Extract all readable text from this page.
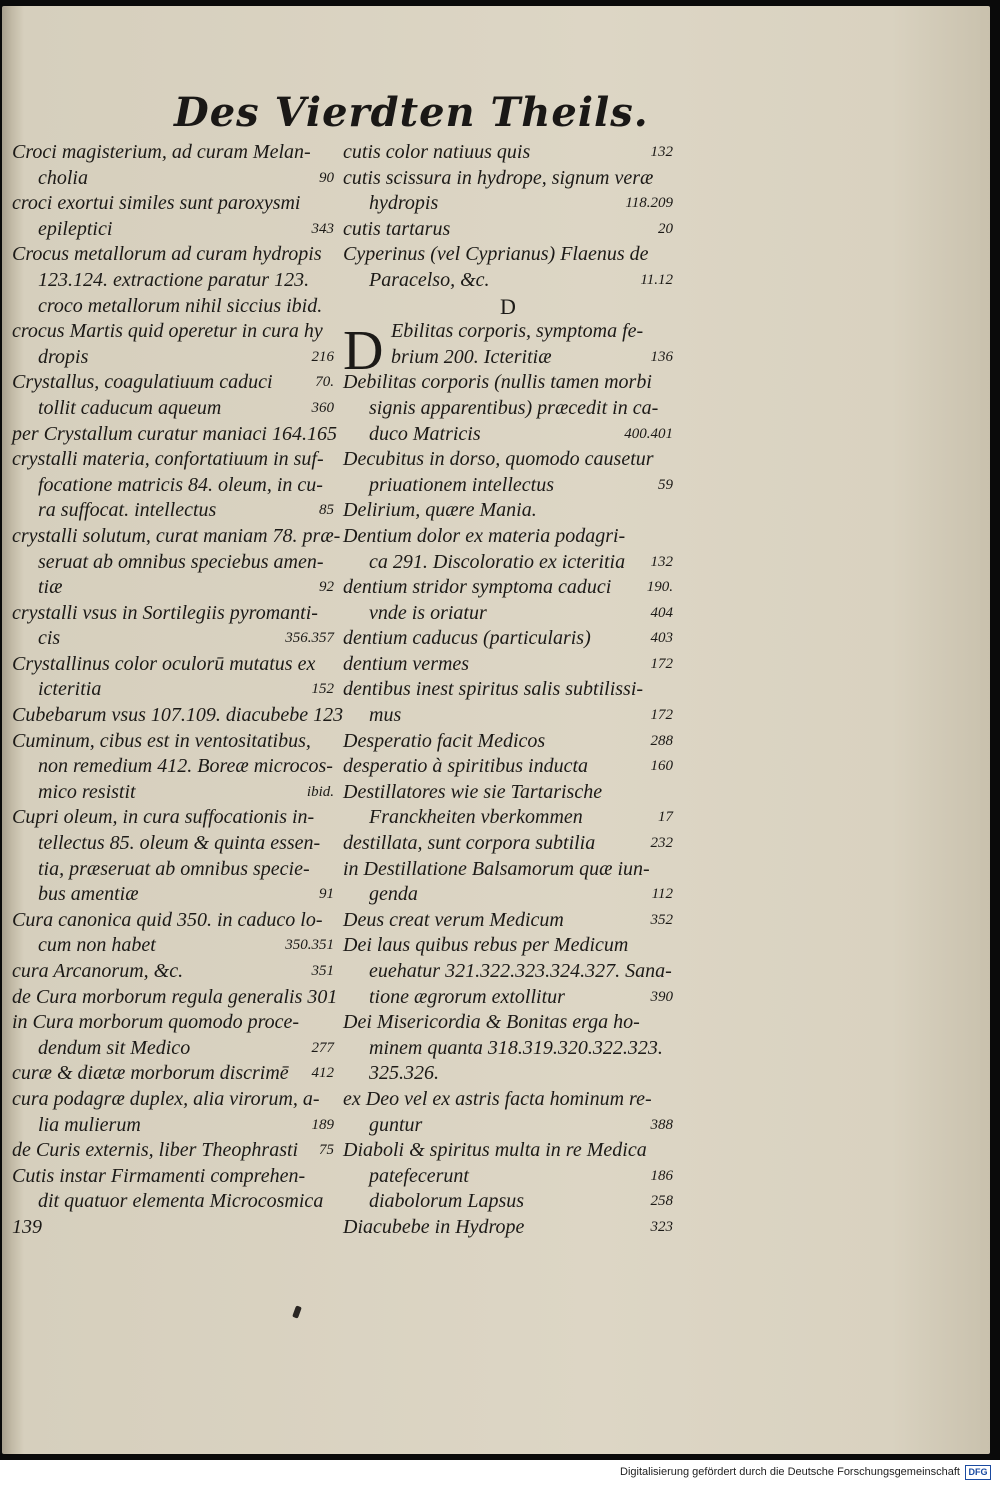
Des Vierdten Theils.
Croci magisterium, ad curam Melan-
cholia	90
croci exortui similes sunt paroxysmi
epileptici	343
Crocus metallorum ad curam hydropis
123.124. extractione paratur 123.
croco metallorum nihil siccius ibid.
crocus Martis quid operetur in cura hy
dropis	216
Crystallus, coagulatiuum caduci	70.
tollit caducum aqueum	360
per Crystallum curatur maniaci 164.165
crystalli materia, confortatiuum in suf-
focatione matricis 84. oleum, in cu-
ra suffocat. intellectus	85
crystalli solutum, curat maniam 78. præ-
seruat ab omnibus speciebus amen-
tiæ	92
crystalli vsus in Sortilegiis pyromanti-
cis	356.357
Crystallinus color oculorū mutatus ex
icteritia	152
Cubebarum vsus 107.109. diacubebe 123
Cuminum, cibus est in ventositatibus,
non remedium 412. Boreæ microcos-
mico resistit	ibid.
Cupri oleum, in cura suffocationis in-
tellectus 85. oleum & quinta essen-
tia, præseruat ab omnibus specie-
bus amentiæ	91
Cura canonica quid 350. in caduco lo-
cum non habet	350.351
cura Arcanorum, &c.	351
de Cura morborum regula generalis 301
in Cura morborum quomodo proce-
dendum sit Medico	277
curæ & diætæ morborum discrimē 412
cura podagræ duplex, alia virorum, a-
lia mulierum	189
de Curis externis, liber Theophrasti 75
Cutis instar Firmamenti comprehen-
dit quatuor elementa Microcosmica
139
cutis color natiuus quis	132
cutis scissura in hydrope, signum veræ
hydropis	118.209
cutis tartarus	20
Cyperinus (vel Cyprianus) Flaenus de
Paracelso, &c.	11.12
D
D Ebilitas corporis, symptoma fe-
brium 200. Icteritiæ	136
Debilitas corporis (nullis tamen morbi
signis apparentibus) præcedit in ca-
duco Matricis	400.401
Decubitus in dorso, quomodo causetur
priuationem intellectus	59
Delirium, quære Mania.
Dentium dolor ex materia podagri-
ca 291. Discoloratio ex icteritia 132
dentium stridor symptoma caduci 190.
vnde is oriatur	404
dentium caducus (particularis)	403
dentium vermes	172
dentibus inest spiritus salis subtilissi-
mus	172
Desperatio facit Medicos	288
desperatio à spiritibus inducta	160
Destillatores wie sie Tartarische
Franckheiten vberkommen	17
destillata, sunt corpora subtilia	232
in Destillatione Balsamorum quæ iun-
genda	112
Deus creat verum Medicum	352
Dei laus quibus rebus per Medicum
euehatur 321.322.323.324.327. Sana-
tione ægrorum extollitur	390
Dei Misericordia & Bonitas erga ho-
minem quanta 318.319.320.322.323.
325.326.
ex Deo vel ex astris facta hominum re-
guntur	388
Diaboli & spiritus multa in re Medica
patefecerunt	186
diabolorum Lapsus	258
Diacubebe in Hydrope	323
Digitalisierung gefördert durch die Deutsche Forschungsgemeinschaft DFG
